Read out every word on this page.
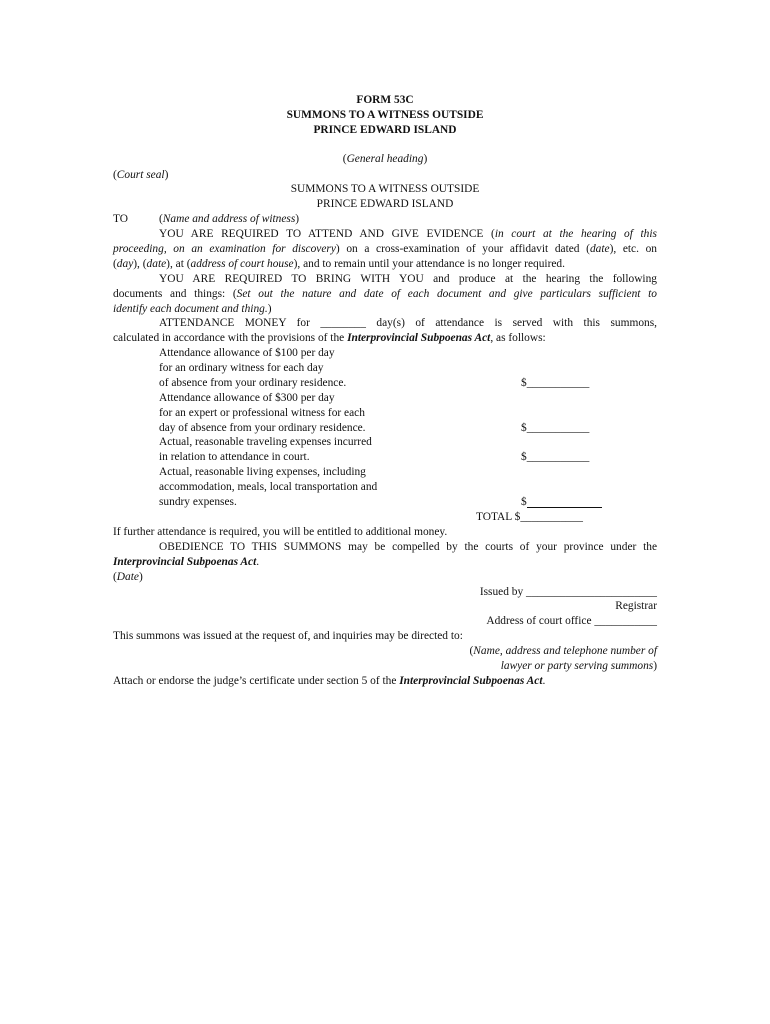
FORM 53C
SUMMONS TO A WITNESS OUTSIDE
PRINCE EDWARD ISLAND
(General heading)
(Court seal)
SUMMONS TO A WITNESS OUTSIDE
PRINCE EDWARD ISLAND
TO	(Name and address of witness)
YOU ARE REQUIRED TO ATTEND AND GIVE EVIDENCE (in court at the hearing of this
proceeding, on an examination for discovery) on a cross-examination of your affidavit dated (date), etc. on
(day), (date), at (address of court house), and to remain until your attendance is no longer required.
YOU ARE REQUIRED TO BRING WITH YOU and produce at the hearing the following
documents and things: (Set out the nature and date of each document and give particulars sufficient to
identify each document and thing.)
ATTENDANCE MONEY for ________ day(s) of attendance is served with this summons,
calculated in accordance with the provisions of the Interprovincial Subpoenas Act, as follows:
Attendance allowance of $100 per day
for an ordinary witness for each day
of absence from your ordinary residence.
Attendance allowance of $300 per day
for an expert or professional witness for each
day of absence from your ordinary residence.
Actual, reasonable traveling expenses incurred
in relation to attendance in court.
Actual, reasonable living expenses, including
accommodation, meals, local transportation and
sundry expenses.
$___________
$___________
$___________
$
TOTAL $___________
If further attendance is required, you will be entitled to additional money.
OBEDIENCE TO THIS SUMMONS may be compelled by the courts of your province under the
Interprovincial Subpoenas Act.
(Date)
Issued by _______________________
Registrar
Address of court office ___________
This summons was issued at the request of, and inquiries may be directed to:
(Name, address and telephone number of
lawyer or party serving summons)
Attach or endorse the judge’s certificate under section 5 of the Interprovincial Subpoenas Act.
